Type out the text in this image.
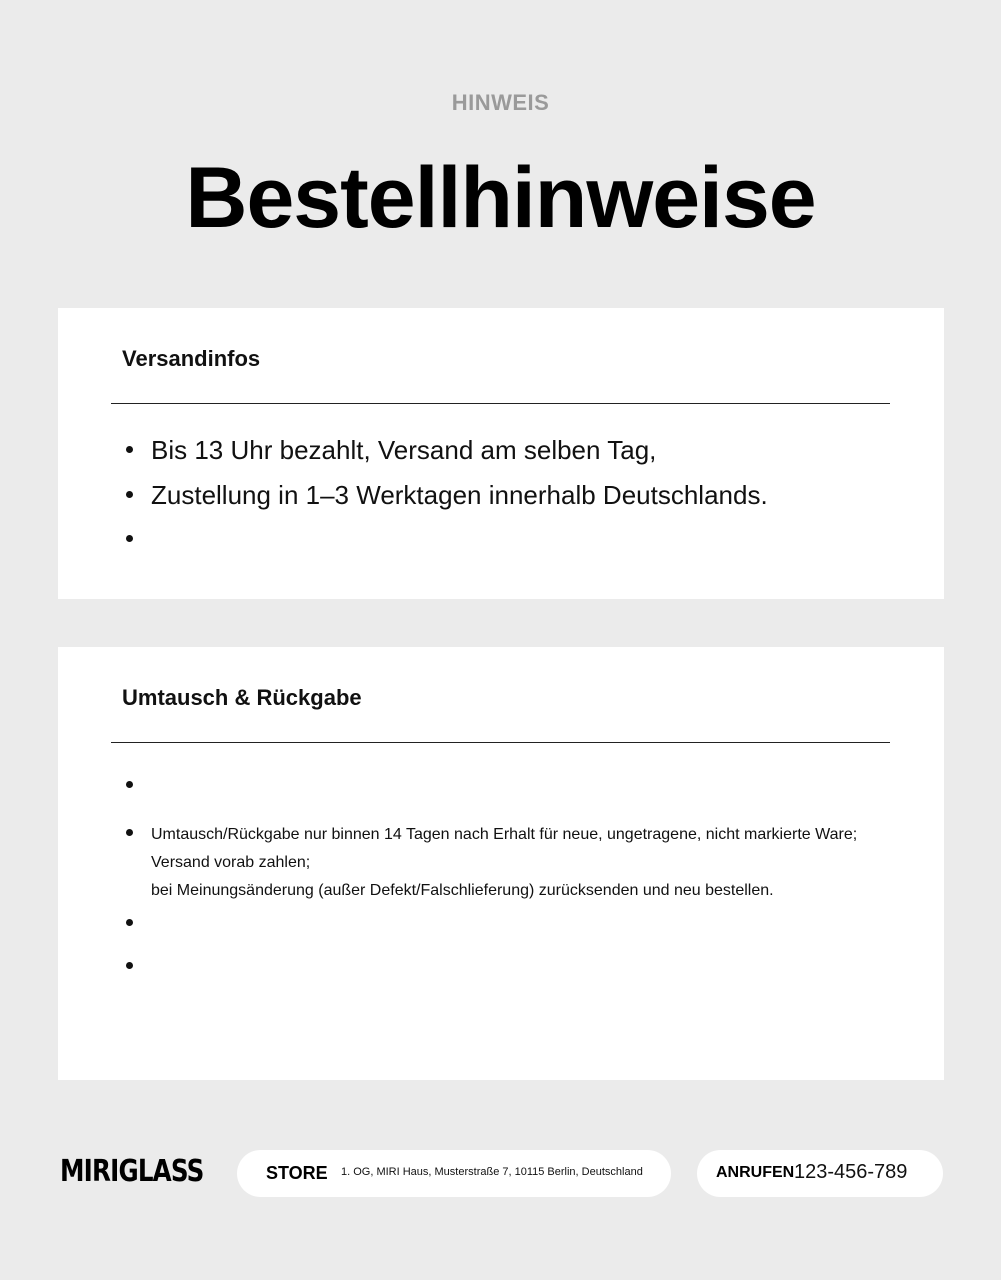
HINWEIS
Bestellhinweise
Versandinfos
Bis 13 Uhr bezahlt, Versand am selben Tag,
Zustellung in 1–3 Werktagen innerhalb Deutschlands.
Umtausch & Rückgabe
Umtausch/Rückgabe nur binnen 14 Tagen nach Erhalt für neue, ungetragene, nicht markierte Ware;
Versand vorab zahlen;
bei Meinungsänderung (außer Defekt/Falschlieferung) zurücksenden und neu bestellen.
MIRIGLASS	STORE 1. OG, MIRI Haus, Musterstraße 7, 10115 Berlin, Deutschland	ANRUFEN 123-456-789
